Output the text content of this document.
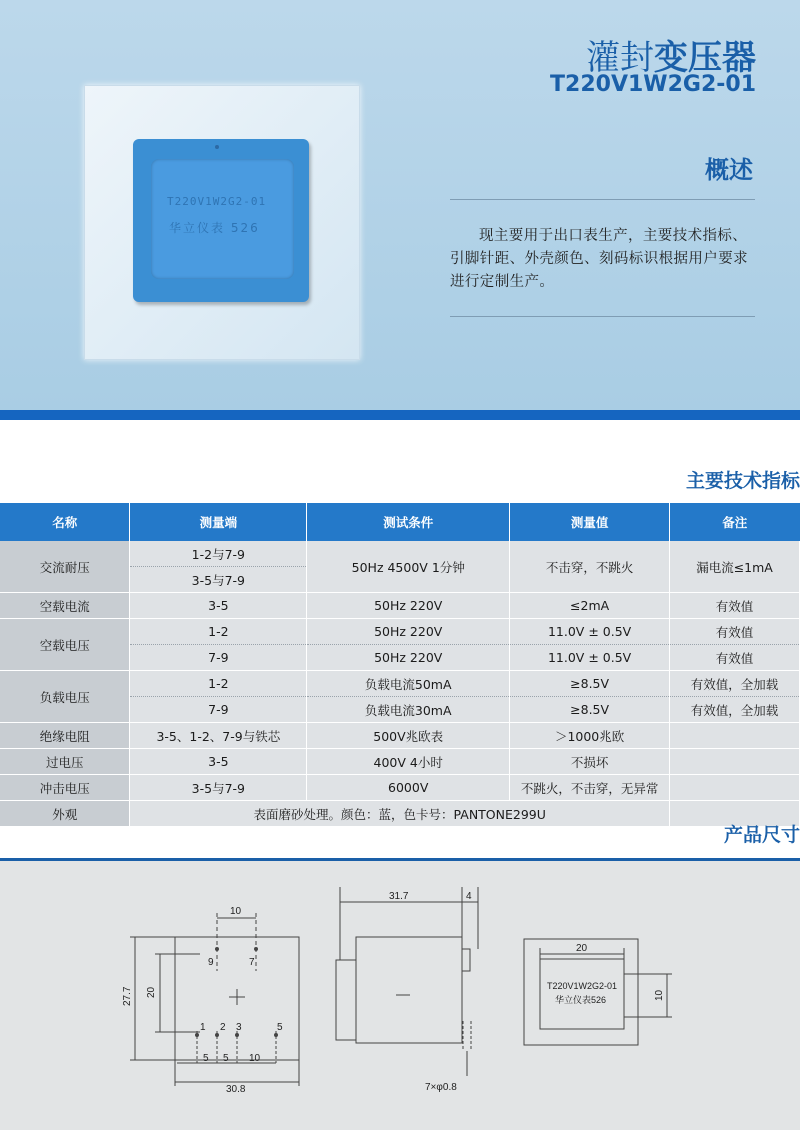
T220V1W2G2-01
华立仪表 526
灌封变压器
T220V1W2G2-01
概述
现主要用于出口表生产，主要技术指标、引脚针距、外壳颜色、刻码标识根据用户要求进行定制生产。
主要技术指标
名称	测量端	测试条件	测量值	备注
交流耐压	1-2与7-9	50Hz 4500V 1分钟	不击穿，不跳火	漏电流≤1mA
	3-5与7-9			
空载电流	3-5	50Hz 220V	≤2mA	有效值
空载电压	1-2	50Hz 220V	11.0V ± 0.5V	有效值
	7-9	50Hz 220V	11.0V ± 0.5V	有效值
负载电压	1-2	负载电流50mA	≥8.5V	有效值，全加载
	7-9	负载电流30mA	≥8.5V	有效值，全加载
绝缘电阻	3-5、1-2、7-9与铁芯	500V兆欧表	＞1000兆欧	
过电压	3-5	400V 4小时	不损坏	
冲击电压	3-5与7-9	6000V	不跳火，不击穿，无异常	
外观	表面磨砂处理。颜色：蓝，色卡号：PANTONE299U			
产品尺寸
10
9	7
1 2 3	5
20
27.7
5 5 10
30.8
31.7	4
7×φ0.8
20
10
T220V1W2G2-01
华立仪表526
